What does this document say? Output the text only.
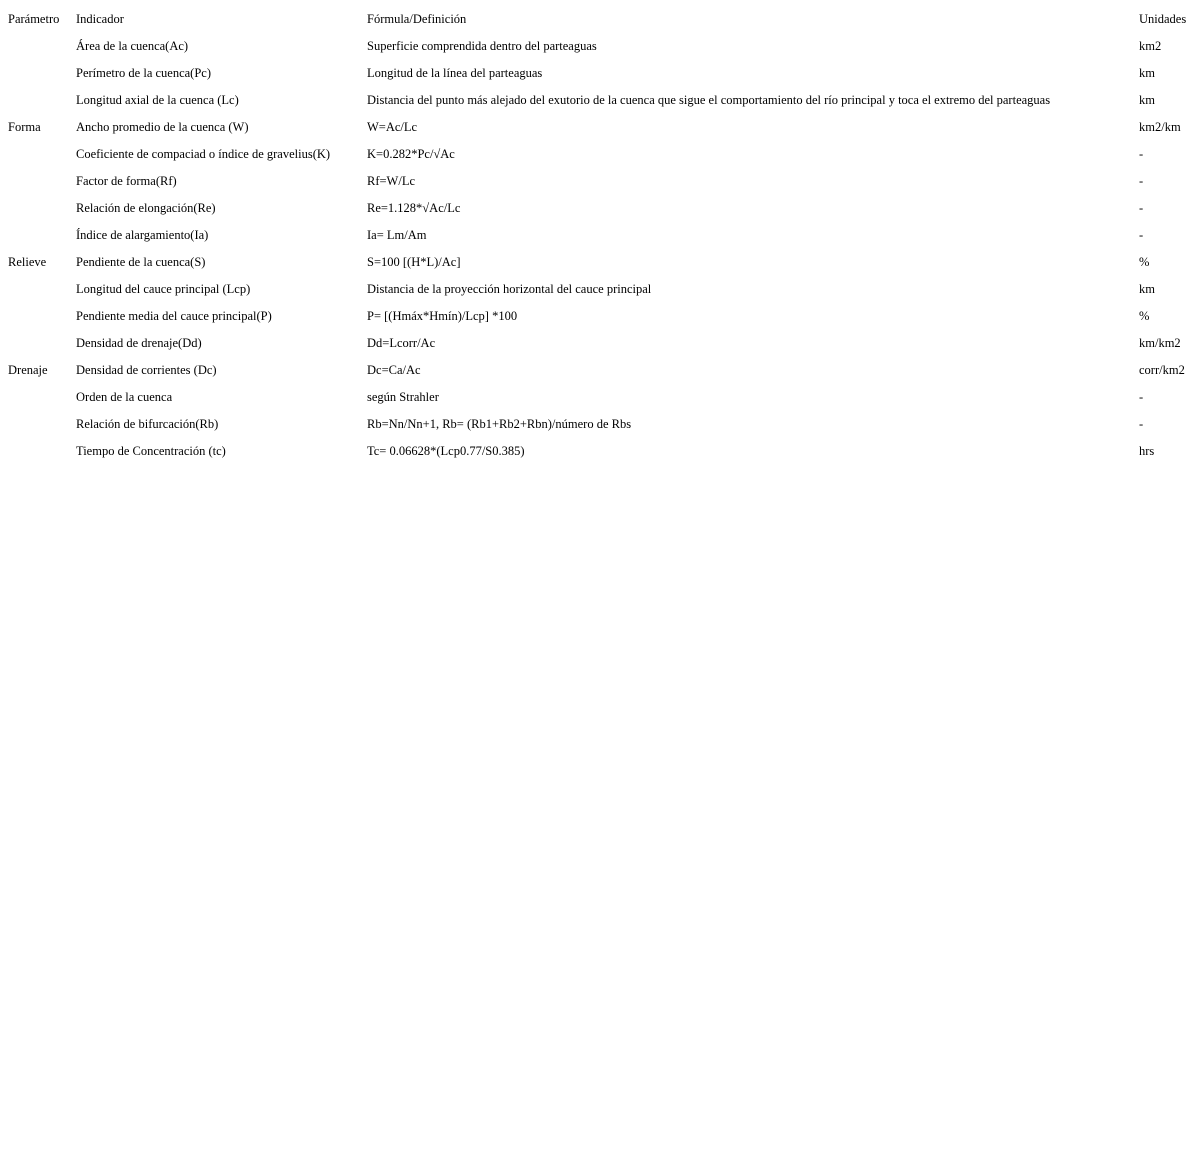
Parámetro	Indicador	Fórmula/Definición	Unidades
	Área de la cuenca(Ac)	Superficie comprendida dentro del parteaguas	km2
	Perímetro de la cuenca(Pc)	Longitud de la línea del parteaguas	km
	Longitud axial de la cuenca (Lc)	Distancia del punto más alejado del exutorio de la cuenca que sigue el comportamiento del río principal y toca el extremo del parteaguas	km
Forma	Ancho promedio de la cuenca (W)	W=Ac/Lc	km2/km
	Coeficiente de compaciad o índice de gravelius(K)	K=0.282*Pc/√Ac	-
	Factor de forma(Rf)	Rf=W/Lc	-
	Relación de elongación(Re)	Re=1.128*√Ac/Lc	-
	Índice de alargamiento(Ia)	Ia= Lm/Am	-
Relieve	Pendiente de la cuenca(S)	S=100 [(H*L)/Ac]	%
	Longitud del cauce principal (Lcp)	Distancia de la proyección horizontal del cauce principal	km
	Pendiente media del cauce principal(P)	P= [(Hmáx*Hmín)/Lcp] *100	%
	Densidad de drenaje(Dd)	Dd=Lcorr/Ac	km/km2
Drenaje	Densidad de corrientes (Dc)	Dc=Ca/Ac	corr/km2
	Orden de la cuenca	según Strahler	-
	Relación de bifurcación(Rb)	Rb=Nn/Nn+1, Rb= (Rb1+Rb2+Rbn)/número de Rbs	-
	Tiempo de Concentración (tc)	Tc= 0.06628*(Lcp0.77/S0.385)	hrs
